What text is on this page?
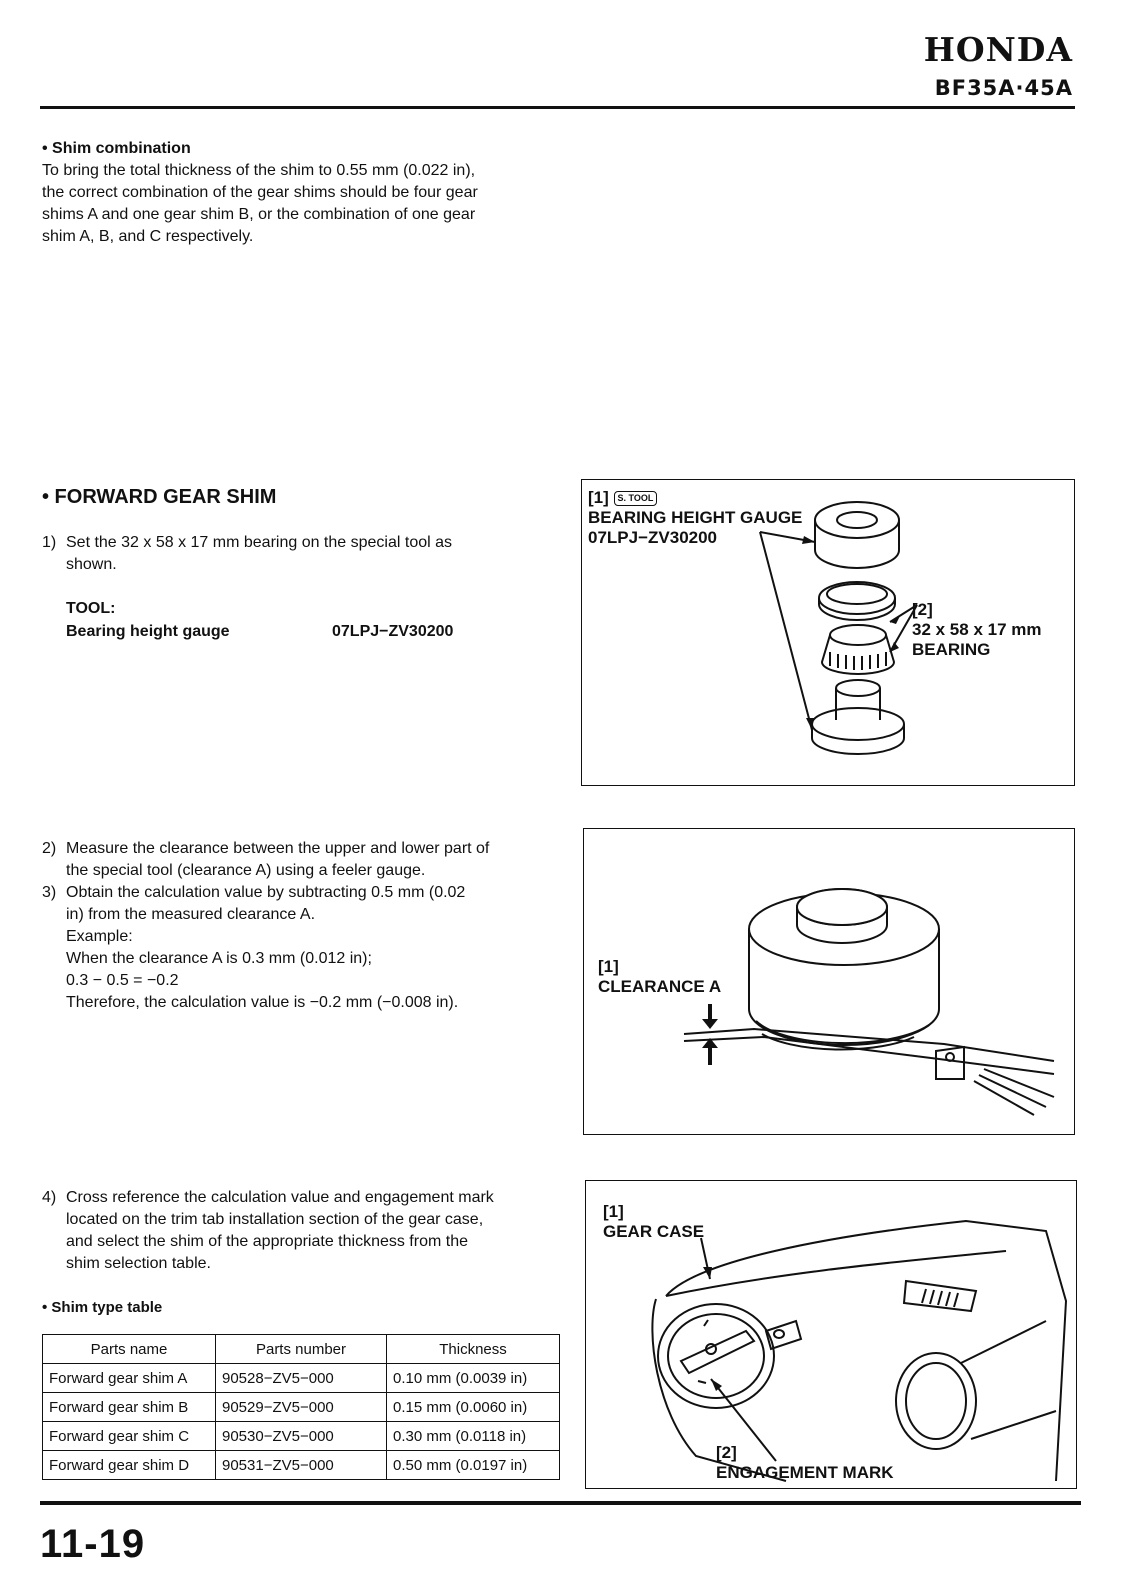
HONDA
BF35A·45A
• Shim combination
To bring the total thickness of the shim to 0.55 mm (0.022 in),
the correct combination of the gear shims should be four gear
shims A and one gear shim B, or the combination of one gear
shim A, B, and C respectively.
• FORWARD GEAR SHIM
1) Set the 32 x 58 x 17 mm bearing on the special tool as
shown.
TOOL:
Bearing height gauge	07LPJ−ZV30200
2) Measure the clearance between the upper and lower part of
the special tool (clearance A) using a feeler gauge.
3) Obtain the calculation value by subtracting 0.5 mm (0.02
in) from the measured clearance A.
Example:
When the clearance A is 0.3 mm (0.012 in);
0.3 − 0.5 = −0.2
Therefore, the calculation value is −0.2 mm (−0.008 in).
4) Cross reference the calculation value and engagement mark
located on the trim tab installation section of the gear case,
and select the shim of the appropriate thickness from the
shim selection table.
• Shim type table
Parts name	Parts number	Thickness
Forward gear shim A	90528−ZV5−000	0.10 mm (0.0039 in)
Forward gear shim B	90529−ZV5−000	0.15 mm (0.0060 in)
Forward gear shim C	90530−ZV5−000	0.30 mm (0.0118 in)
Forward gear shim D	90531−ZV5−000	0.50 mm (0.0197 in)
[1] S. TOOL
BEARING HEIGHT GAUGE
07LPJ−ZV30200
[2]
32 x 58 x 17 mm
BEARING
[1]
CLEARANCE A
[1]
GEAR CASE
[2]
ENGAGEMENT MARK
11-19
